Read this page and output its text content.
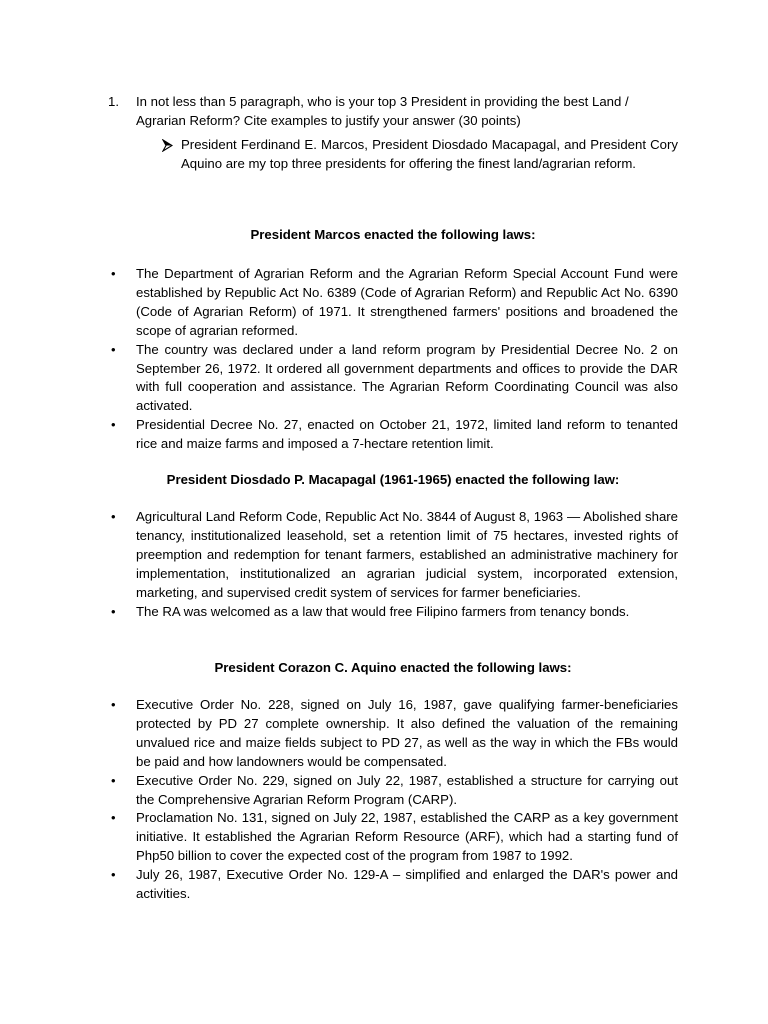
1.	In not less than 5 paragraph, who is your top 3 President in providing the best Land / Agrarian Reform? Cite examples to justify your answer (30 points)
President Ferdinand E. Marcos, President Diosdado Macapagal, and President Cory Aquino are my top three presidents for offering the finest land/agrarian reform.
President Marcos enacted the following laws:
• The Department of Agrarian Reform and the Agrarian Reform Special Account Fund were established by Republic Act No. 6389 (Code of Agrarian Reform) and Republic Act No. 6390 (Code of Agrarian Reform) of 1971. It strengthened farmers' positions and broadened the scope of agrarian reformed.
• The country was declared under a land reform program by Presidential Decree No. 2 on September 26, 1972. It ordered all government departments and offices to provide the DAR with full cooperation and assistance. The Agrarian Reform Coordinating Council was also activated.
• Presidential Decree No. 27, enacted on October 21, 1972, limited land reform to tenanted rice and maize farms and imposed a 7-hectare retention limit.
President Diosdado P. Macapagal (1961-1965) enacted the following law:
• Agricultural Land Reform Code, Republic Act No. 3844 of August 8, 1963 — Abolished share tenancy, institutionalized leasehold, set a retention limit of 75 hectares, invested rights of preemption and redemption for tenant farmers, established an administrative machinery for implementation, institutionalized an agrarian judicial system, incorporated extension, marketing, and supervised credit system of services for farmer beneficiaries.
• The RA was welcomed as a law that would free Filipino farmers from tenancy bonds.
President Corazon C. Aquino enacted the following laws:
• Executive Order No. 228, signed on July 16, 1987, gave qualifying farmer-beneficiaries protected by PD 27 complete ownership. It also defined the valuation of the remaining unvalued rice and maize fields subject to PD 27, as well as the way in which the FBs would be paid and how landowners would be compensated.
• Executive Order No. 229, signed on July 22, 1987, established a structure for carrying out the Comprehensive Agrarian Reform Program (CARP).
• Proclamation No. 131, signed on July 22, 1987, established the CARP as a key government initiative. It established the Agrarian Reform Resource (ARF), which had a starting fund of Php50 billion to cover the expected cost of the program from 1987 to 1992.
• July 26, 1987, Executive Order No. 129-A – simplified and enlarged the DAR's power and activities.
